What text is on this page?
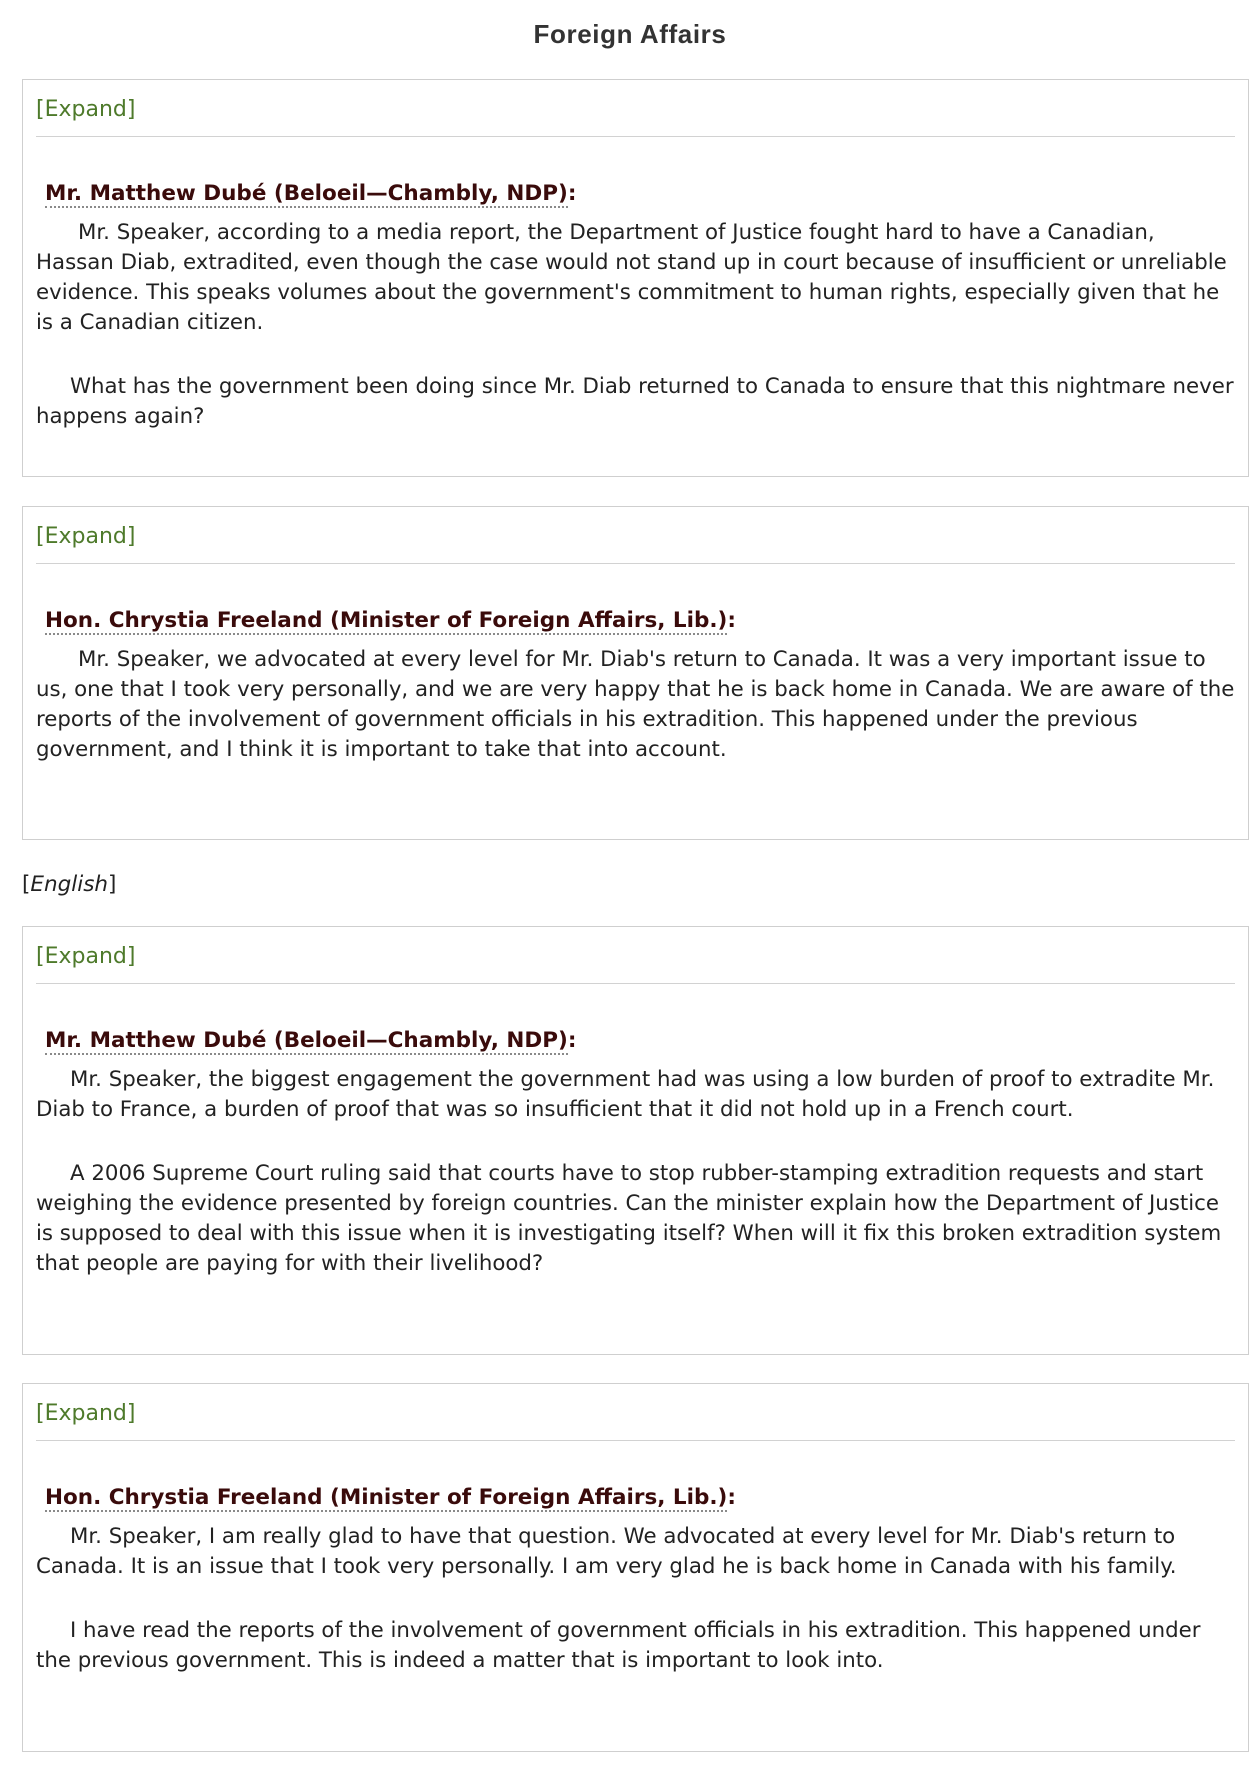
Foreign Affairs
[Expand]
Mr. Matthew Dubé (Beloeil—Chambly, NDP):

Mr. Speaker, according to a media report, the Department of Justice fought hard to have a Canadian, Hassan Diab, extradited, even though the case would not stand up in court because of insufficient or unreliable evidence. This speaks volumes about the government's commitment to human rights, especially given that he is a Canadian citizen.

What has the government been doing since Mr. Diab returned to Canada to ensure that this nightmare never happens again?

[Expand]
Hon. Chrystia Freeland (Minister of Foreign Affairs, Lib.):

Mr. Speaker, we advocated at every level for Mr. Diab's return to Canada. It was a very important issue to us, one that I took very personally, and we are very happy that he is back home in Canada. We are aware of the reports of the involvement of government officials in his extradition. This happened under the previous government, and I think it is important to take that into account.

[English]
[Expand]
Mr. Matthew Dubé (Beloeil—Chambly, NDP):

Mr. Speaker, the biggest engagement the government had was using a low burden of proof to extradite Mr. Diab to France, a burden of proof that was so insufficient that it did not hold up in a French court.

A 2006 Supreme Court ruling said that courts have to stop rubber-stamping extradition requests and start weighing the evidence presented by foreign countries. Can the minister explain how the Department of Justice is supposed to deal with this issue when it is investigating itself? When will it fix this broken extradition system that people are paying for with their livelihood?

[Expand]
Hon. Chrystia Freeland (Minister of Foreign Affairs, Lib.):

Mr. Speaker, I am really glad to have that question. We advocated at every level for Mr. Diab's return to Canada. It is an issue that I took very personally. I am very glad he is back home in Canada with his family.

I have read the reports of the involvement of government officials in his extradition. This happened under the previous government. This is indeed a matter that is important to look into.
